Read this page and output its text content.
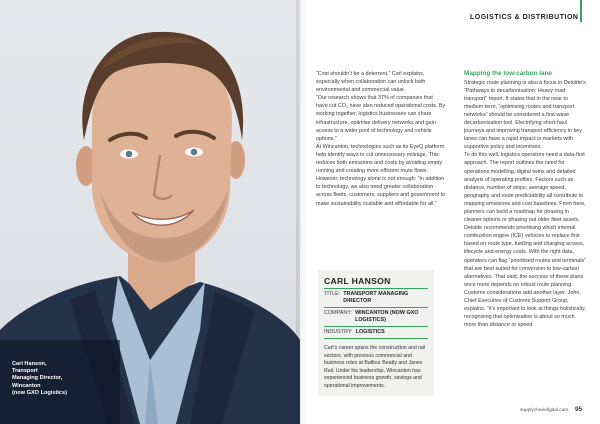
Carl Hanson,
Transport
Managing Director,
Wincanton
(now GXO Logistics)
LOGISTICS & DISTRIBUTION

“Cost shouldn’t be a deterrent,” Carl explains, especially when collaboration can unlock both environmental and commercial value.

“Our research shows that 37% of companies that have cut CO₂ have also reduced operational costs. By working together, logistics businesses can share infrastructure, optimise delivery networks and gain access to a wider pool of technology and vehicle options.”

At Wincanton, technologies such as its EyeQ platform help identify ways to cut unnecessary mileage. This reduces both emissions and costs by avoiding empty running and creating more efficient route flows.

However, technology alone is not enough: “In addition to technology, we also need greater collaboration across fleets, customers, suppliers and government to make sustainability scalable and affordable for all.”

CARL HANSON
TITLE: TRANSPORT MANAGING DIRECTOR
COMPANY: WINCANTON (NOW GXO LOGISTICS)
INDUSTRY: LOGISTICS

Carl’s career spans the construction and rail sectors, with previous commercial and business roles at Balfour Beatty and Janes Rail. Under his leadership, Wincanton has experienced business growth, savings and operational improvements.

Mapping the low-carbon lane

Strategic route planning is also a focus in Deloitte’s “Pathways to decarbonisation: Heavy road transport” report. It states that in the near to medium term, “optimising routes and transport networks” should be considered a first-wave decarbonisation tool. Electrifying short-haul journeys and improving transport efficiency in key lanes can have a rapid impact in markets with supportive policy and incentives.

To do this well, logistics operators need a data-first approach. The report outlines the need for operations modelling, digital twins and detailed analysis of operating profiles. Factors such as distance, number of stops, average speed, geography and route predictability all contribute to mapping emissions and cost baselines. From here, planners can build a roadmap for phasing in cleaner options or phasing out older fleet assets.

Deloitte recommends prioritising which internal combustion engine (ICE) vehicles to replace first based on route type, fuelling and charging access, lifecycle and energy costs. With the right data, operators can flag “prioritised routes and terminals” that are best suited for conversion to low-carbon alternatives. That said, the success of these plans once more depends on robust route planning.

Customs considerations add another layer. John, Chief Executive of Customs Support Group, explains: “It’s important to look at things holistically, recognising that optimisation is about so much more than distance or speed

supplychaindigital.com 95
